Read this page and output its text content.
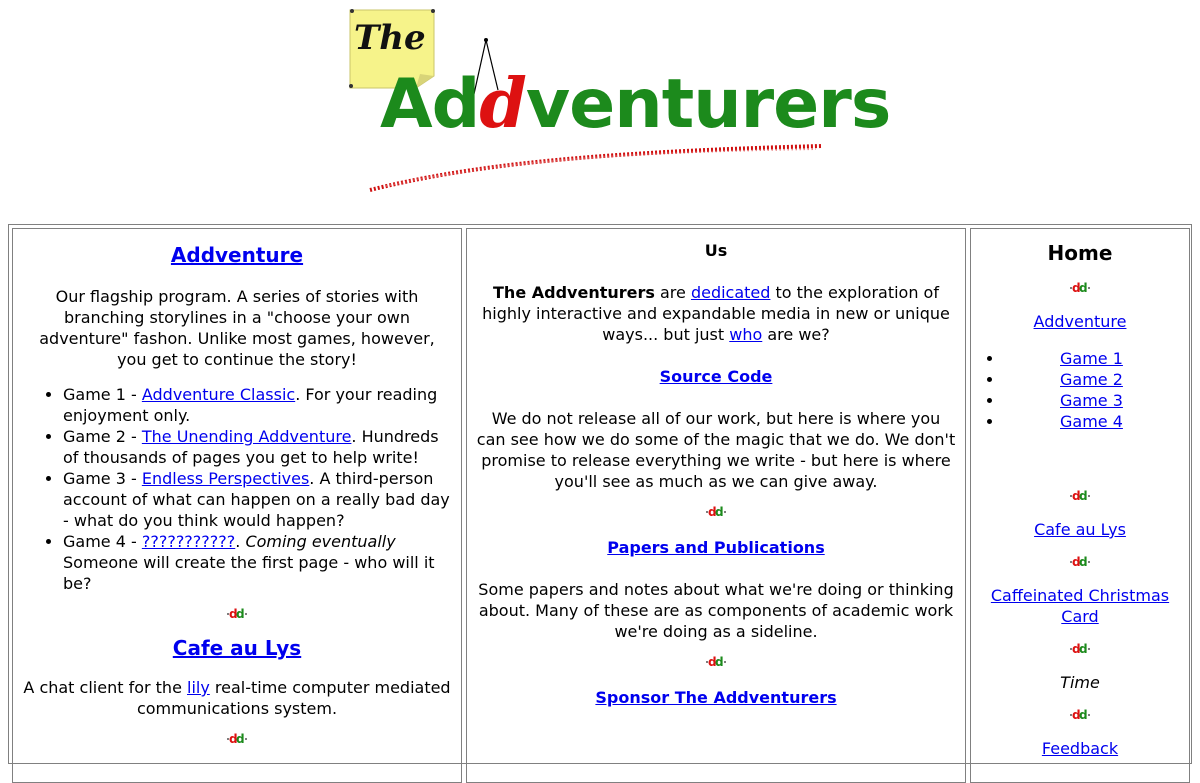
The
Addventurers
Addventure
Our flagship program. A series of stories with branching storylines in a "choose your own adventure" fashon. Unlike most games, however, you get to continue the story!
• Game 1 - Addventure Classic. For your reading enjoyment only.
• Game 2 - The Unending Addventure. Hundreds of thousands of pages you get to help write!
• Game 3 - Endless Perspectives. A third-person account of what can happen on a really bad day - what do you think would happen?
• Game 4 - ???????????. Coming eventually Someone will create the first page - who will it be?
d
d
Cafe au Lys
A chat client for the lily real-time computer mediated communications system.
d
d
Us
The Addventurers are dedicated to the exploration of highly interactive and expandable media in new or unique ways... but just who are we?
Source Code
We do not release all of our work, but here is where you can see how we do some of the magic that we do. We don't promise to release everything we write - but here is where you'll see as much as we can give away.
d
d
Papers and Publications
Some papers and notes about what we're doing or thinking about. Many of these are as components of academic work we're doing as a sideline.
d
d
Sponsor The Addventurers
Home
d
d
Addventure
• Game 1
• Game 2
• Game 3
• Game 4
d
d
Cafe au Lys
d
d
Caffeinated Christmas Card
d
d
Time
d
d
Feedback
